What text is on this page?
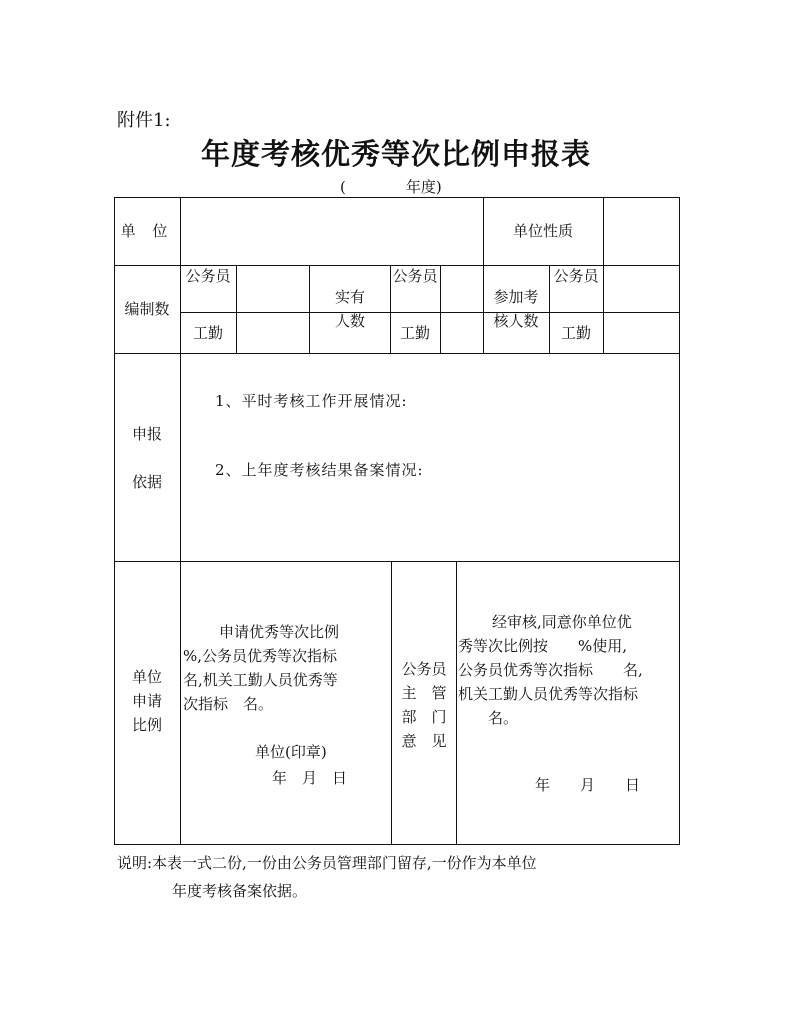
附件1:
年度考核优秀等次比例申报表
(	年度)
单 位	单位性质
编制数
公务员
工勤
实有人数
公务员
工勤
参加考核人数
公务员
工勤
申报
依据
1、平时考核工作开展情况:
2、上年度考核结果备案情况:
单位
申请
比例
申请优秀等次比例
%,公务员优秀等次指标
名,机关工勤人员优秀等
次指标　名。
单位(印章)
年　月　日
公务员
主　管
部　门
意　见
经审核,同意你单位优
秀等次比例按　　%使用,
公务员优秀等次指标　　名,
机关工勤人员优秀等次指标
名。
年　　月　　日
说明:本表一式二份,一份由公务员管理部门留存,一份作为本单位
年度考核备案依据。
